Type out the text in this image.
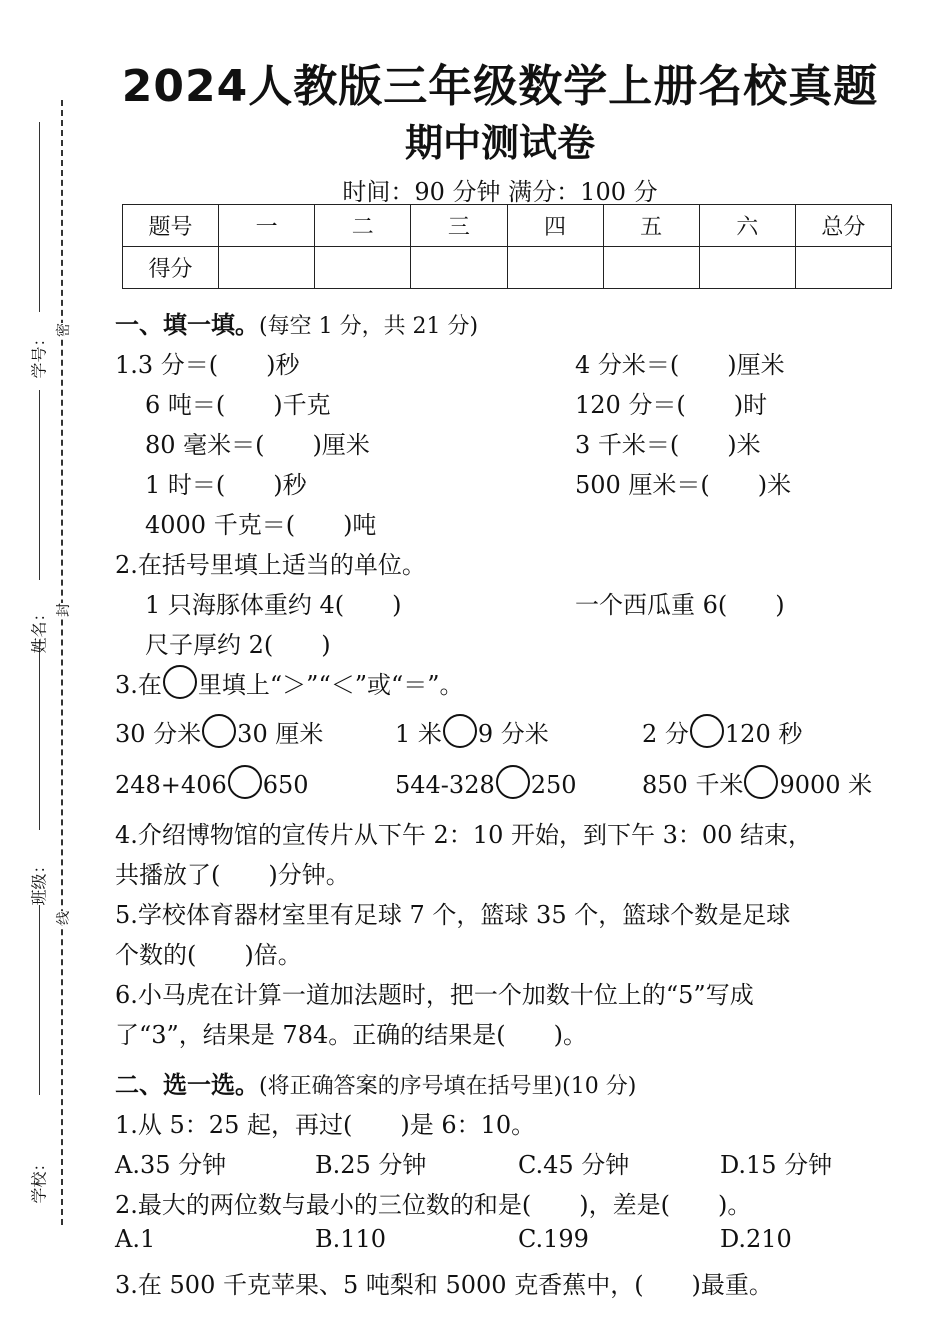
学号：
姓名：
班级：
学校：
密
封
线
2024人教版三年级数学上册名校真题
期中测试卷
时间：90 分钟 满分：100 分
题号	一	二	三	四	五	六	总分
得分							
一、填一填。(每空 1 分，共 21 分)
1.3 分＝(　　)秒	4 分米＝(　　)厘米
6 吨＝(　　)千克	120 分＝(　　)时
80 毫米＝(　　)厘米	3 千米＝(　　)米
1 时＝(　　)秒	500 厘米＝(　　)米
4000 千克＝(　　)吨
2.在括号里填上适当的单位。
1 只海豚体重约 4(　　)	一个西瓜重 6(　　)
尺子厚约 2(　　)
3.在 里填上“＞”“＜”或“＝”。
30 分米 30 厘米	1 米 9 分米	2 分 120 秒
248+406 650	544-328 250	850 千米 9000 米
4.介绍博物馆的宣传片从下午 2：10 开始，到下午 3：00 结束，
共播放了(　　)分钟。
5.学校体育器材室里有足球 7 个，篮球 35 个，篮球个数是足球
个数的(　　)倍。
6.小马虎在计算一道加法题时，把一个加数十位上的“5”写成
了“3”，结果是 784。正确的结果是(　　)。
二、选一选。(将正确答案的序号填在括号里)(10 分)
1.从 5：25 起，再过(　　)是 6：10。
A.35 分钟	B.25 分钟	C.45 分钟	D.15 分钟
2.最大的两位数与最小的三位数的和是(　　)，差是(　　)。
A.1	B.110	C.199	D.210
3.在 500 千克苹果、5 吨梨和 5000 克香蕉中，(　　)最重。
